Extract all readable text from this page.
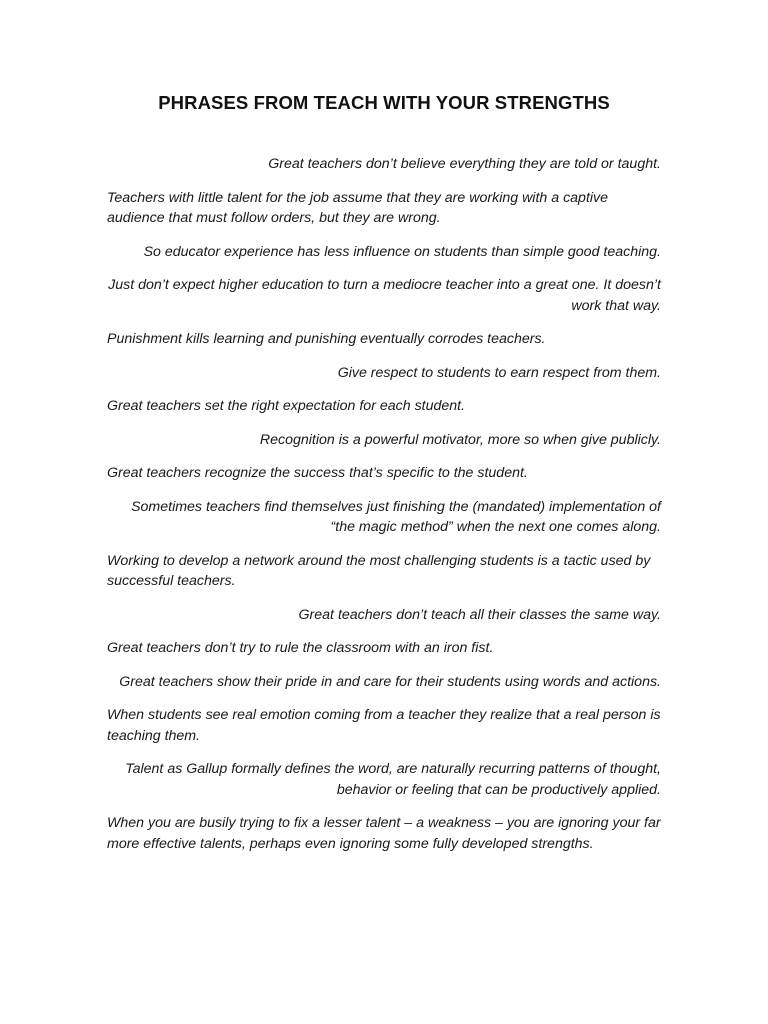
PHRASES FROM TEACH WITH YOUR STRENGTHS

Great teachers don’t believe everything they are told or taught.

Teachers with little talent for the job assume that they are working with a captive audience that must follow orders, but they are wrong.

So educator experience has less influence on students than simple good teaching.

Just don’t expect higher education to turn a mediocre teacher into a great one. It doesn’t work that way.

Punishment kills learning and punishing eventually corrodes teachers.

Give respect to students to earn respect from them.

Great teachers set the right expectation for each student.

Recognition is a powerful motivator, more so when give publicly.

Great teachers recognize the success that’s specific to the student.

Sometimes teachers find themselves just finishing the (mandated) implementation of “the magic method” when the next one comes along.

Working to develop a network around the most challenging students is a tactic used by successful teachers.

Great teachers don’t teach all their classes the same way.

Great teachers don’t try to rule the classroom with an iron fist.

Great teachers show their pride in and care for their students using words and actions.

When students see real emotion coming from a teacher they realize that a real person is teaching them.

Talent as Gallup formally defines the word, are naturally recurring patterns of thought, behavior or feeling that can be productively applied.

When you are busily trying to fix a lesser talent – a weakness – you are ignoring your far more effective talents, perhaps even ignoring some fully developed strengths.
